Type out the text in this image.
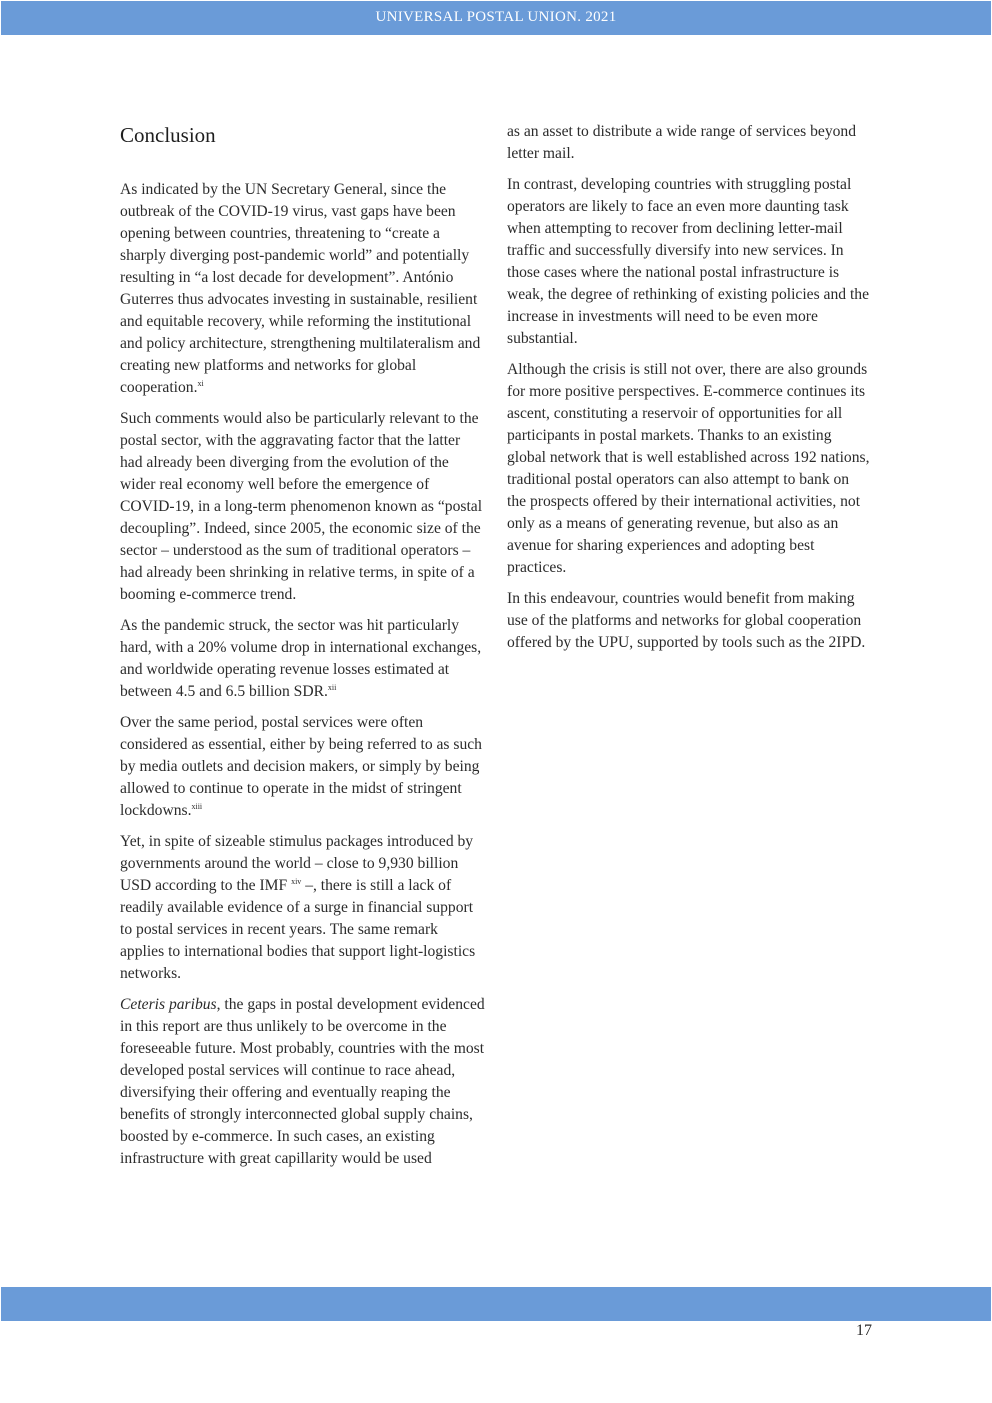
UNIVERSAL POSTAL UNION. 2021
Conclusion

As indicated by the UN Secretary General, since the outbreak of the COVID-19 virus, vast gaps have been opening between countries, threatening to “create a sharply diverging post-pandemic world” and potentially resulting in “a lost decade for development”. António Guterres thus advocates investing in sustainable, resilient and equitable recovery, while reforming the institutional and policy architecture, strengthening multilateralism and creating new platforms and networks for global cooperation.$^{xi}$

Such comments would also be particularly relevant to the postal sector, with the aggravating factor that the latter had already been diverging from the evolution of the wider real economy well before the emergence of COVID-19, in a long-term phenomenon known as “postal decoupling”. Indeed, since 2005, the economic size of the sector – understood as the sum of traditional operators – had already been shrinking in relative terms, in spite of a booming e-commerce trend.

As the pandemic struck, the sector was hit particularly hard, with a 20% volume drop in international exchanges, and worldwide operating revenue losses estimated at between 4.5 and 6.5 billion SDR.$^{xii}$

Over the same period, postal services were often considered as essential, either by being referred to as such by media outlets and decision makers, or simply by being allowed to continue to operate in the midst of stringent lockdowns.$^{xiii}$

Yet, in spite of sizeable stimulus packages introduced by governments around the world – close to 9,930 billion USD according to the IMF $^{xiv}$ –, there is still a lack of readily available evidence of a surge in financial support to postal services in recent years. The same remark applies to international bodies that support light-logistics networks.

Ceteris paribus, the gaps in postal development evidenced in this report are thus unlikely to be overcome in the foreseeable future. Most probably, countries with the most developed postal services will continue to race ahead, diversifying their offering and eventually reaping the benefits of strongly interconnected global supply chains, boosted by e-commerce. In such cases, an existing infrastructure with great capillarity would be used

as an asset to distribute a wide range of services beyond letter mail.

In contrast, developing countries with struggling postal operators are likely to face an even more daunting task when attempting to recover from declining letter-mail traffic and successfully diversify into new services. In those cases where the national postal infrastructure is weak, the degree of rethinking of existing policies and the increase in investments will need to be even more substantial.

Although the crisis is still not over, there are also grounds for more positive perspectives. E-commerce continues its ascent, constituting a reservoir of opportunities for all participants in postal markets. Thanks to an existing global network that is well established across 192 nations, traditional postal operators can also attempt to bank on the prospects offered by their international activities, not only as a means of generating revenue, but also as an avenue for sharing experiences and adopting best practices.

In this endeavour, countries would benefit from making use of the platforms and networks for global cooperation offered by the UPU, supported by tools such as the 2IPD.

17
